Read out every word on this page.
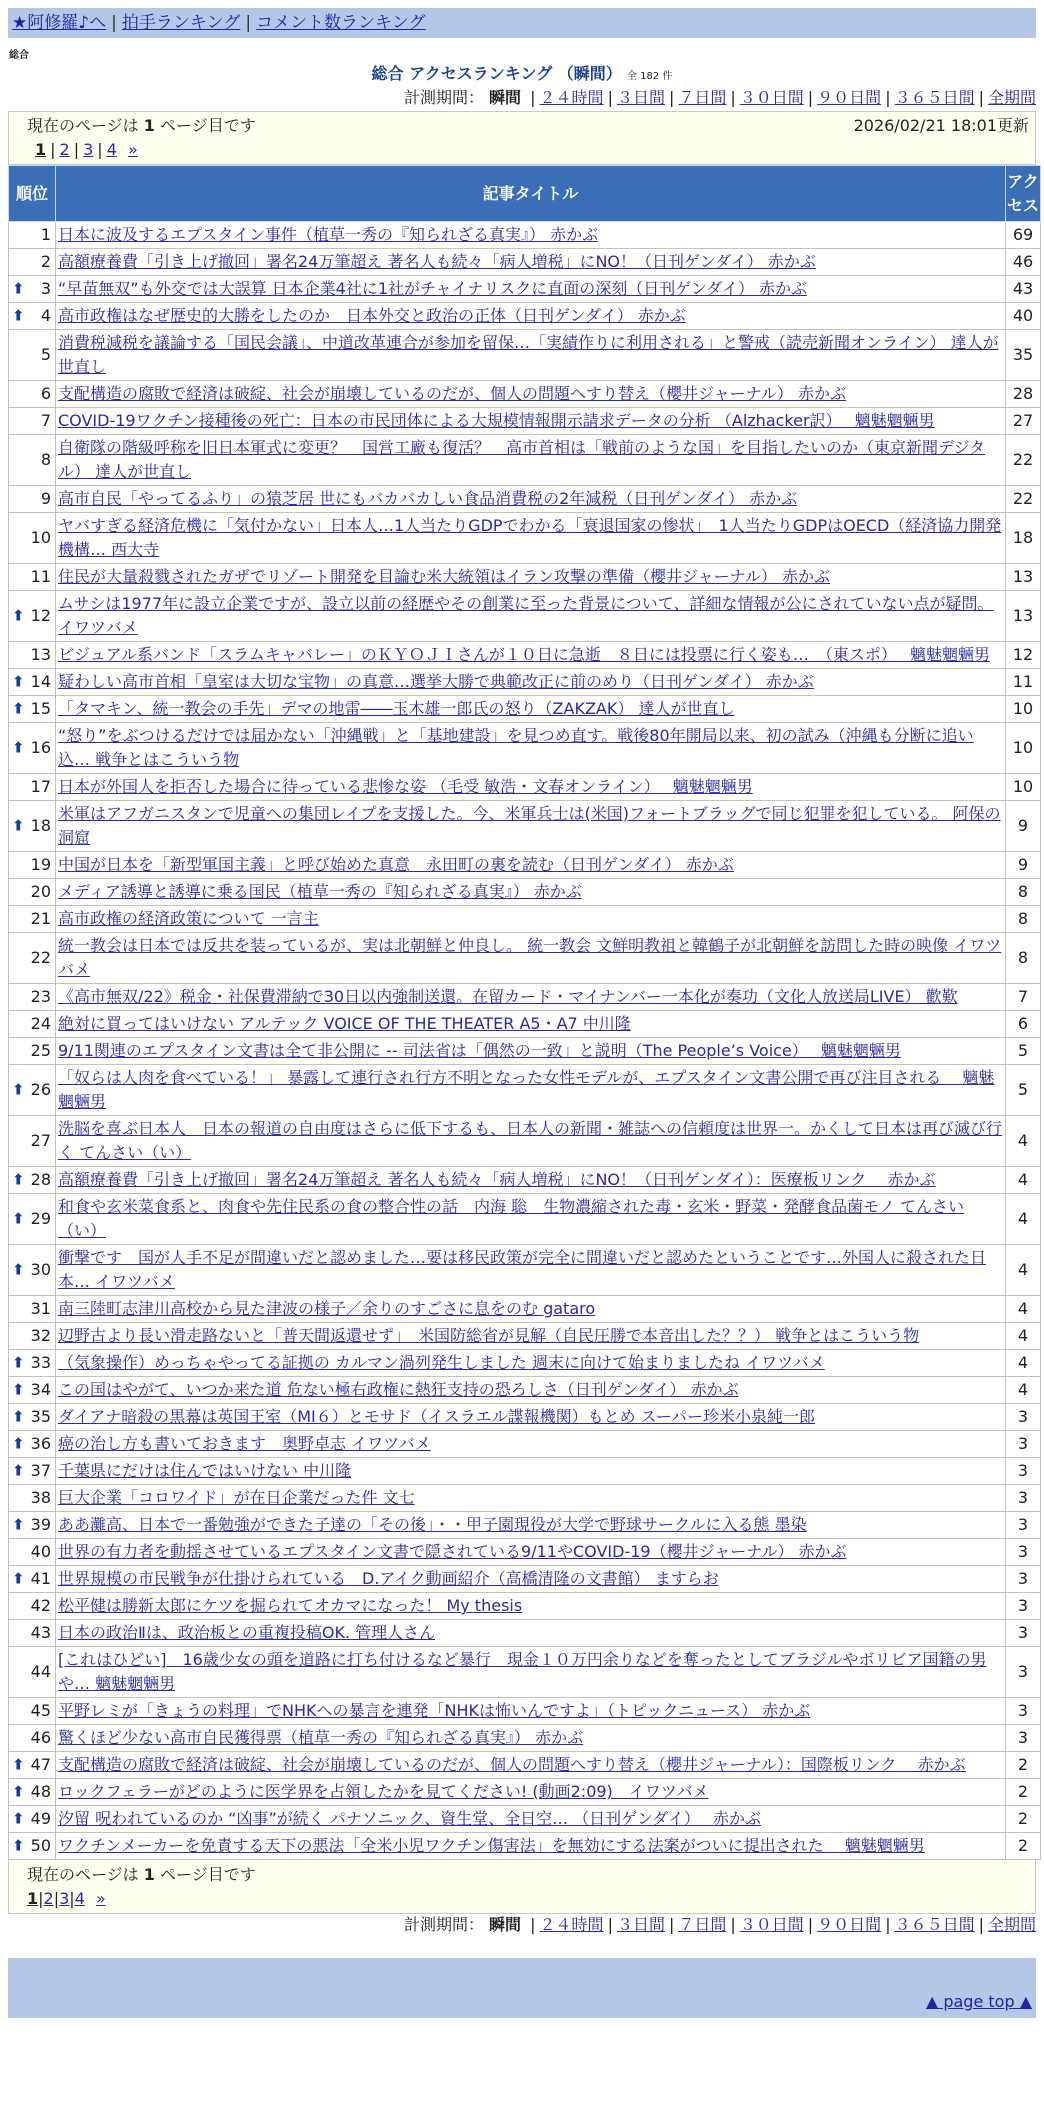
★阿修羅♪へ | 拍手ランキング | コメント数ランキング
総合
総合 アクセスランキング （瞬間） 全 182 件
計測期間： 瞬間 | ２４時間 | ３日間 | ７日間 | ３０日間 | ９０日間 | ３６５日間 | 全期間
現在のページは 1 ページ目です	2026/02/21 18:01更新
1 | 2 | 3 | 4 »
順位	記事タイトル	アクセス
1	日本に波及するエプスタイン事件（植草一秀の『知られざる真実』） 赤かぶ	69
2	高額療養費「引き上げ撤回」署名24万筆超え 著名人も続々「病人増税」にNO！（日刊ゲンダイ） 赤かぶ	46

⬆ 3	“早苗無双”も外交では大誤算 日本企業4社に1社がチャイナリスクに直面の深刻（日刊ゲンダイ） 赤かぶ	43

⬆ 4	高市政権はなぜ歴史的大勝をしたのか　日本外交と政治の正体（日刊ゲンダイ） 赤かぶ	40
5	消費税減税を議論する「国民会議」、中道改革連合が参加を留保…「実績作りに利用される」と警戒（読売新聞オンライン） 達人が世直し	35
6	支配構造の腐敗で経済は破綻、社会が崩壊しているのだが、個人の問題へすり替え（櫻井ジャーナル） 赤かぶ	28
7	COVID-19ワクチン接種後の死亡：日本の市民団体による大規模情報開示請求データの分析 （Alzhacker訳）　 魑魅魍魎男	27
8	自衛隊の階級呼称を旧日本軍式に変更？　国営工廠も復活？　高市首相は「戦前のような国」を目指したいのか（東京新聞デジタル） 達人が世直し	22
9	高市自民「やってるふり」の猿芝居 世にもバカバカしい食品消費税の2年減税（日刊ゲンダイ） 赤かぶ	22
10	ヤバすぎる経済危機に「気付かない」日本人…1人当たりGDPでわかる「衰退国家の惨状」　1人当たりGDPはOECD（経済協力開発機構… 西大寺	18
11	住民が大量殺戮されたガザでリゾート開発を目論む米大統領はイラン攻撃の準備（櫻井ジャーナル） 赤かぶ	13

⬆ 12	ムサシは1977年に設立企業ですが、設立以前の経歴やその創業に至った背景について、詳細な情報が公にされていない点が疑問。 イワツバメ	13
13	ビジュアル系バンド「スラムキャバレー」のＫＹＯＪＩさんが１０日に急逝　８日には投票に行く姿も…　（東スポ）　 魑魅魍魎男	12

⬆ 14	疑わしい高市首相「皇室は大切な宝物」の真意…選挙大勝で典範改正に前のめり（日刊ゲンダイ） 赤かぶ	11

⬆ 15	「タマキン、統一教会の手先」デマの地雷――玉木雄一郎氏の怒り（ZAKZAK） 達人が世直し	10

⬆ 16	“怒り”をぶつけるだけでは届かない「沖縄戦」と「基地建設」を見つめ直す。戦後80年開局以来、初の試み（沖縄も分断に追い込… 戦争とはこういう物	10
17	日本が外国人を拒否した場合に待っている悲惨な姿 （毛受 敏浩・文春オンライン）　 魑魅魍魎男	10

⬆ 18	米軍はアフガニスタンで児童への集団レイプを支援した。今、米軍兵士は(米国)フォートブラッグで同じ犯罪を犯している。 阿保の洞窟	9
19	中国が日本を「新型軍国主義」と呼び始めた真意　永田町の裏を読む（日刊ゲンダイ） 赤かぶ	9
20	メディア誘導と誘導に乗る国民（植草一秀の『知られざる真実』） 赤かぶ	8
21	高市政権の経済政策について 一言主	8
22	統一教会は日本では反共を装っているが、実は北朝鮮と仲良し。 統一教会 文鮮明教祖と韓鶴子が北朝鮮を訪問した時の映像 イワツバメ	8
23	《高市無双/22》税金・社保費滞納で30日以内強制送還。在留カード・マイナンバー一本化が奏功（文化人放送局LIVE） 歡歎	7
24	絶対に買ってはいけない アルテック VOICE OF THE THEATER A5・A7 中川隆	6
25	9/11関連のエプスタイン文書は全て非公開に -- 司法省は「偶然の一致」と説明（The People’s Voice）　 魑魅魍魎男	5

⬆ 26	「奴らは人肉を食べている！」 暴露して連行され行方不明となった女性モデルが、エプスタイン文書公開で再び注目される　 魑魅魍魎男	5
27	洗脳を喜ぶ日本人　日本の報道の自由度はさらに低下するも、日本人の新聞・雑誌への信頼度は世界一。かくして日本は再び滅び行く てんさい（い）	4

⬆ 28	高額療養費「引き上げ撤回」署名24万筆超え 著名人も続々「病人増税」にNO！（日刊ゲンダイ）：医療板リンク　 赤かぶ	4

⬆ 29	和食や玄米菜食系と、肉食や先住民系の食の整合性の話　内海 聡　生物濃縮された毒・玄米・野菜・発酵食品菌モノ てんさい（い）	4

⬆ 30	衝撃です　国が人手不足が間違いだと認めました…要は移民政策が完全に間違いだと認めたということです…外国人に殺された日本… イワツバメ	4
31	南三陸町志津川高校から見た津波の様子／余りのすごさに息をのむ gataro	4
32	辺野古より長い滑走路ないと「普天間返還せず」　米国防総省が見解（自民圧勝で本音出した？？） 戦争とはこういう物	4

⬆ 33	（気象操作）めっちゃやってる証拠の カルマン渦列発生しました 週末に向けて始まりましたね イワツバメ	4

⬆ 34	この国はやがて、いつか来た道 危ない極右政権に熱狂支持の恐ろしさ（日刊ゲンダイ） 赤かぶ	4

⬆ 35	ダイアナ暗殺の黒幕は英国王室（MI６）とモサド（イスラエル諜報機関）もとめ スーパー珍米小泉純一郎	3

⬆ 36	癌の治し方も書いておきます　奥野卓志 イワツバメ	3

⬆ 37	千葉県にだけは住んではいけない 中川隆	3
38	巨大企業「コロワイド」が在日企業だった件 文七	3

⬆ 39	ああ灘高、日本で一番勉強ができた子達の「その後」・・甲子園現役が大学で野球サークルに入る態 墨染	3
40	世界の有力者を動揺させているエプスタイン文書で隠されている9/11やCOVID-19（櫻井ジャーナル） 赤かぶ	3

⬆ 41	世界規模の市民戦争が仕掛けられている　D.アイク動画紹介（高橋清隆の文書館） ますらお	3
42	松平健は勝新太郎にケツを掘られてオカマになった！ My thesis	3
43	日本の政治Ⅱは、政治板との重複投稿OK. 管理人さん	3
44	[これはひどい]　16歳少女の頭を道路に打ち付けるなど暴行　現金１０万円余りなどを奪ったとしてブラジルやボリビア国籍の男や… 魑魅魍魎男	3
45	平野レミが「きょうの料理」でNHKへの暴言を連発「NHKは怖いんですよ」（トピックニュース） 赤かぶ	3
46	驚くほど少ない高市自民獲得票（植草一秀の『知られざる真実』） 赤かぶ	3

⬆ 47	支配構造の腐敗で経済は破綻、社会が崩壊しているのだが、個人の問題へすり替え（櫻井ジャーナル）：国際板リンク　 赤かぶ	2

⬆ 48	ロックフェラーがどのように医学界を占領したかを見てください! (動画2:09)　イワツバメ	2

⬆ 49	汐留 呪われているのか “凶事”が続く パナソニック、資生堂、全日空… （日刊ゲンダイ）　 赤かぶ	2

⬆ 50	ワクチンメーカーを免責する天下の悪法「全米小児ワクチン傷害法」を無効にする法案がついに提出された　 魑魅魍魎男	2
現在のページは 1 ページ目です
1|2|3|4 »
計測期間： 瞬間 | ２４時間 | ３日間 | ７日間 | ３０日間 | ９０日間 | ３６５日間 | 全期間
▲ page top ▲
